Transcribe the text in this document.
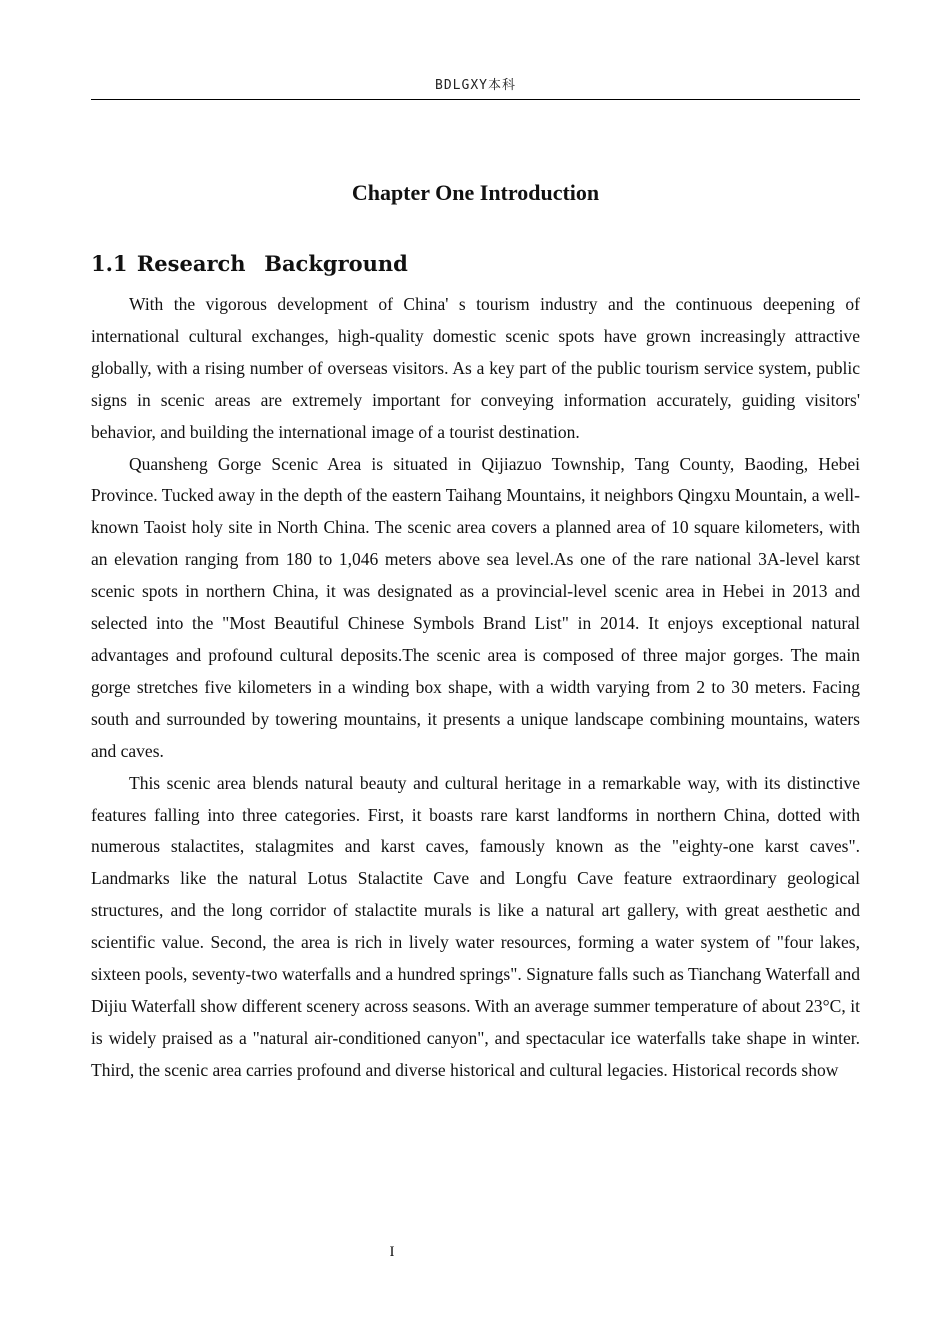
BDLGXY本科
Chapter One Introduction
1.1 Research  Background

With the vigorous development of China' s tourism industry and the continuous deepening of international cultural exchanges, high-quality domestic scenic spots have grown increasingly attractive globally, with a rising number of overseas visitors. As a key part of the public tourism service system, public signs in scenic areas are extremely important for conveying information accurately, guiding visitors' behavior, and building the international image of a tourist destination.

Quansheng Gorge Scenic Area is situated in Qijiazuo Township, Tang County, Baoding, Hebei Province. Tucked away in the depth of the eastern Taihang Mountains, it neighbors Qingxu Mountain, a well-known Taoist holy site in North China. The scenic area covers a planned area of 10 square kilometers, with an elevation ranging from 180 to 1,046 meters above sea level.As one of the rare national 3A-level karst scenic spots in northern China, it was designated as a provincial-level scenic area in Hebei in 2013 and selected into the "Most Beautiful Chinese Symbols Brand List" in 2014. It enjoys exceptional natural advantages and profound cultural deposits.The scenic area is composed of three major gorges. The main gorge stretches five kilometers in a winding box shape, with a width varying from 2 to 30 meters. Facing south and surrounded by towering mountains, it presents a unique landscape combining mountains, waters and caves.

This scenic area blends natural beauty and cultural heritage in a remarkable way, with its distinctive features falling into three categories. First, it boasts rare karst landforms in northern China, dotted with numerous stalactites, stalagmites and karst caves, famously known as the "eighty-one karst caves". Landmarks like the natural Lotus Stalactite Cave and Longfu Cave feature extraordinary geological structures, and the long corridor of stalactite murals is like a natural art gallery, with great aesthetic and scientific value. Second, the area is rich in lively water resources, forming a water system of "four lakes, sixteen pools, seventy-two waterfalls and a hundred springs". Signature falls such as Tianchang Waterfall and Dijiu Waterfall show different scenery across seasons. With an average summer temperature of about 23°C, it is widely praised as a "natural air-conditioned canyon", and spectacular ice waterfalls take shape in winter. Third, the scenic area carries profound and diverse historical and cultural legacies. Historical records show

I
